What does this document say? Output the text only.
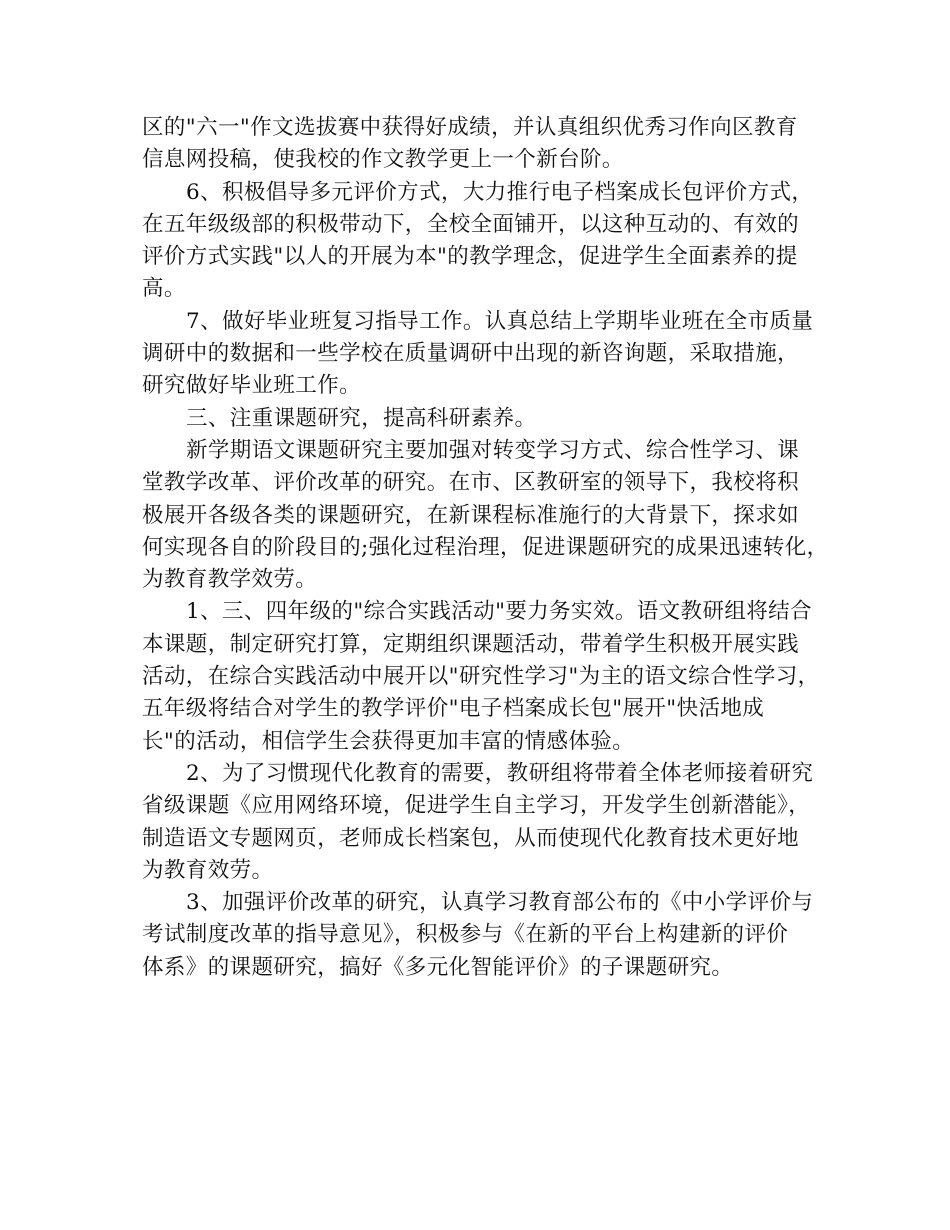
区的"六一"作文选拔赛中获得好成绩，并认真组织优秀习作向区教育
信息网投稿，使我校的作文教学更上一个新台阶。
6、积极倡导多元评价方式，大力推行电子档案成长包评价方式，
在五年级级部的积极带动下，全校全面铺开，以这种互动的、有效的
评价方式实践"以人的开展为本"的教学理念，促进学生全面素养的提
高。
7、做好毕业班复习指导工作。认真总结上学期毕业班在全市质量
调研中的数据和一些学校在质量调研中出现的新咨询题，采取措施，
研究做好毕业班工作。
三、注重课题研究，提高科研素养。
新学期语文课题研究主要加强对转变学习方式、综合性学习、课
堂教学改革、评价改革的研究。在市、区教研室的领导下，我校将积
极展开各级各类的课题研究，在新课程标准施行的大背景下，探求如
何实现各自的阶段目的;强化过程治理，促进课题研究的成果迅速转化，
为教育教学效劳。
1、三、四年级的"综合实践活动"要力务实效。语文教研组将结合
本课题，制定研究打算，定期组织课题活动，带着学生积极开展实践
活动，在综合实践活动中展开以"研究性学习"为主的语文综合性学习，
五年级将结合对学生的教学评价"电子档案成长包"展开"快活地成
长"的活动，相信学生会获得更加丰富的情感体验。
2、为了习惯现代化教育的需要，教研组将带着全体老师接着研究
省级课题《应用网络环境，促进学生自主学习，开发学生创新潜能》，
制造语文专题网页，老师成长档案包，从而使现代化教育技术更好地
为教育效劳。
3、加强评价改革的研究，认真学习教育部公布的《中小学评价与
考试制度改革的指导意见》，积极参与《在新的平台上构建新的评价
体系》的课题研究，搞好《多元化智能评价》的子课题研究。
